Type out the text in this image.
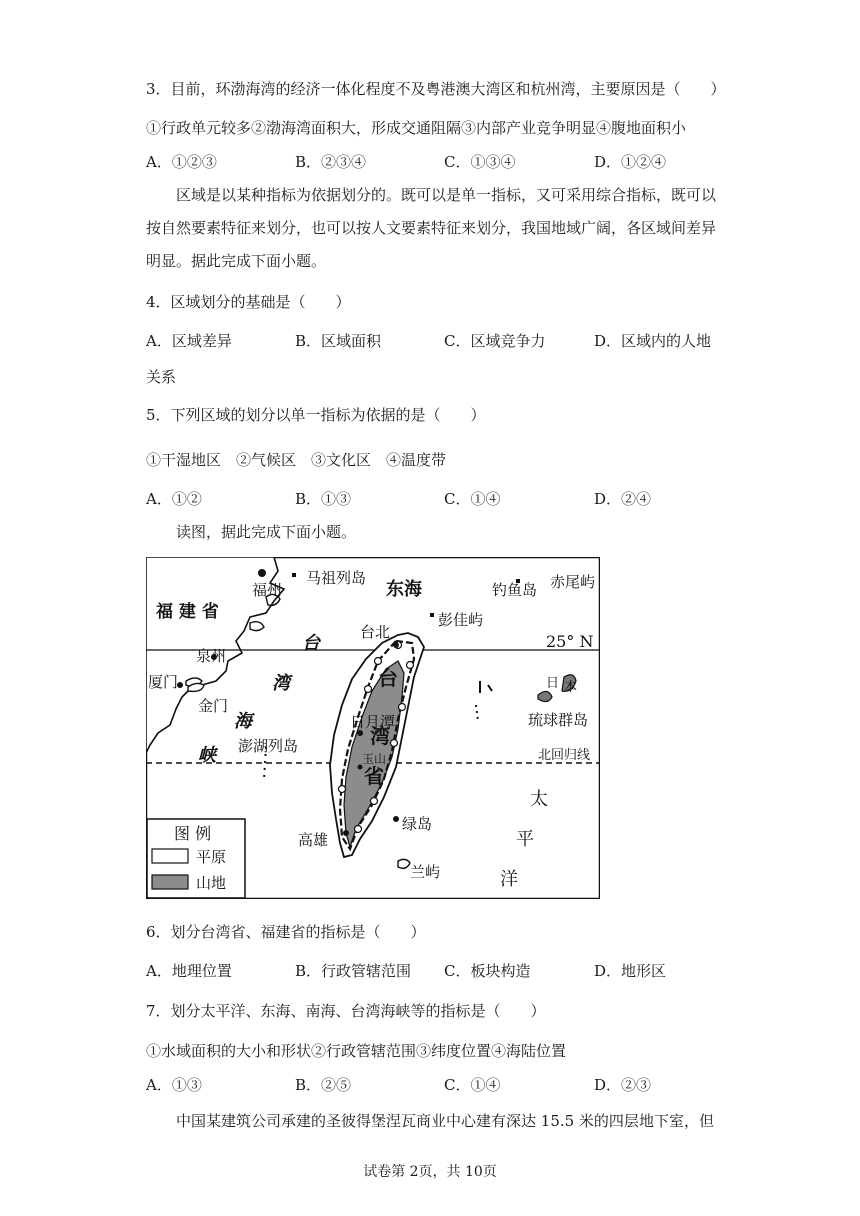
3．目前，环渤海湾的经济一体化程度不及粤港澳大湾区和杭州湾，主要原因是（　　）
①行政单元较多②渤海湾面积大，形成交通阻隔③内部产业竞争明显④腹地面积小
A．①②③	B．②③④	C．①③④	D．①②④
区域是以某种指标为依据划分的。既可以是单一指标，又可采用综合指标，既可以
按自然要素特征来划分，也可以按人文要素特征来划分，我国地域广阔，各区域间差异
明显。据此完成下面小题。
4．区域划分的基础是（　　）
A．区域差异	B．区域面积	C．区域竞争力	D．区域内的人地
关系
5．下列区域的划分以单一指标为依据的是（　　）
①干湿地区　②气候区　③文化区　④温度带
A．①②	B．①③	C．①④	D．②④
读图，据此完成下面小题。
福州
马祖列岛
东海	钓鱼岛 赤尾屿
福 建 省	彭佳屿
台北
台	25° N
泉州
厦门	湾	台
金门
日 本
海	日月潭
湾
琉球群岛
澎湖列岛
峡	玉山	北回归线
省
太
绿岛
高雄	平
兰屿	洋
图 例
平原
山地
6．划分台湾省、福建省的指标是（　　）
A．地理位置	B．行政管辖范围 C．板块构造	D．地形区
7．划分太平洋、东海、南海、台湾海峡等的指标是（　　）
①水域面积的大小和形状②行政管辖范围③纬度位置④海陆位置
A．①③	B．②⑤	C．①④	D．②③
中国某建筑公司承建的圣彼得堡涅瓦商业中心建有深达 15.5 米的四层地下室，但
试卷第 2页，共 10页
